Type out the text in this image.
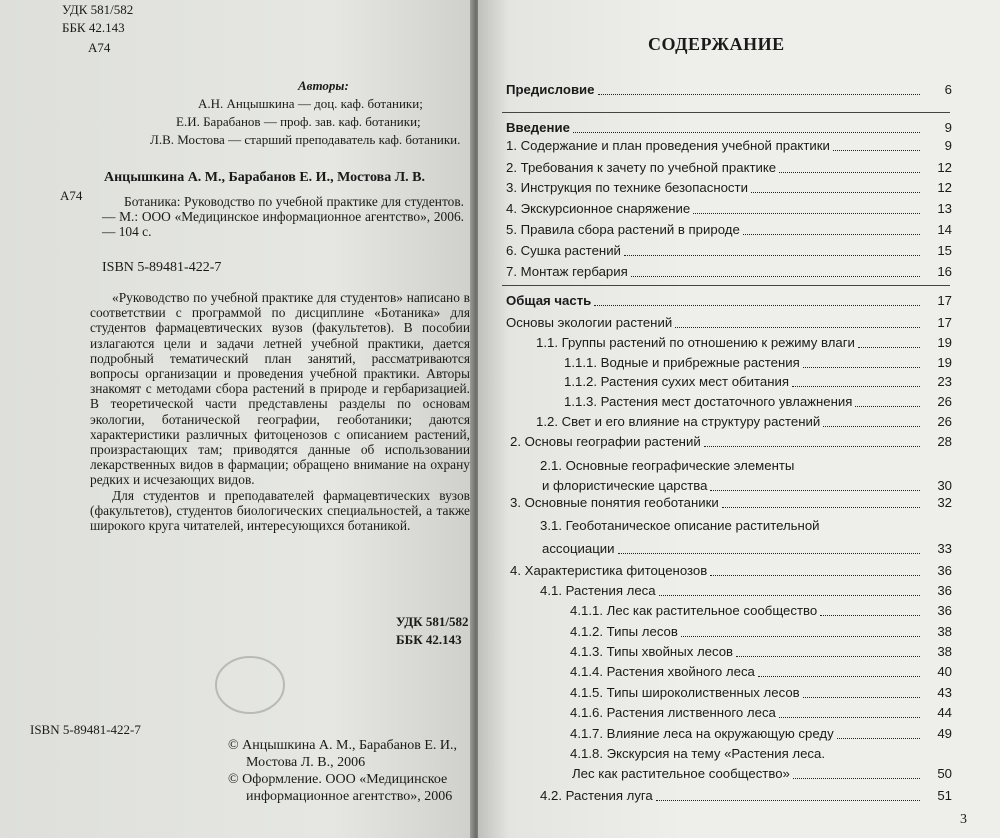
УДК 581/582
ББК 42.143
А74
Авторы:
А.Н. Анцышкина — доц. каф. ботаники;
Е.И. Барабанов — проф. зав. каф. ботаники;
Л.В. Мостова — старший преподаватель каф. ботаники.
А74
Анцышкина А. М., Барабанов Е. И., Мостова Л. В.

Ботаника: Руководство по учебной практике для студентов. — М.: ООО «Медицинское информационное агентство», 2006. — 104 с.

ISBN 5-89481-422-7

«Руководство по учебной практике для студентов» написано в соответствии с программой по дисциплине «Ботаника» для студентов фармацевтических вузов (факультетов). В пособии излагаются цели и задачи летней учебной практики, дается подробный тематический план занятий, рассматриваются вопросы организации и проведения учебной практики. Авторы знакомят с методами сбора растений в природе и гербаризацией. В теоретической части представлены разделы по основам экологии, ботанической географии, геоботаники; даются характеристики различных фитоценозов с описанием растений, произрастающих там; приводятся данные об использовании лекарственных видов в фармации; обращено внимание на охрану редких и исчезающих видов.

Для студентов и преподавателей фармацевтических вузов (факультетов), студентов биологических специальностей, а также широкого круга читателей, интересующихся ботаникой.

УДК 581/582
ББК 42.143
ISBN 5-89481-422-7
© Анцышкина А. М., Барабанов Е. И.,
Мостова Л. В., 2006
© Оформление. ООО «Медицинское
информационное агентство», 2006
СОДЕРЖАНИЕ
Предисловие	6
Введение	9
1. Содержание и план проведения учебной практики	9
2. Требования к зачету по учебной практике	12
3. Инструкция по технике безопасности	12
4. Экскурсионное снаряжение	13
5. Правила сбора растений в природе	14
6. Сушка растений	15
7. Монтаж гербария	16
Общая часть	17
Основы экологии растений	17
1.1. Группы растений по отношению к режиму влаги	19
1.1.1. Водные и прибрежные растения	19
1.1.2. Растения сухих мест обитания	23
1.1.3. Растения мест достаточного увлажнения	26
1.2. Свет и его влияние на структуру растений	26
2. Основы географии растений	28
2.1. Основные географические элементы
и флористические царства	30
3. Основные понятия геоботаники	32
3.1. Геоботаническое описание растительной
ассоциации	33
4. Характеристика фитоценозов	36
4.1. Растения леса	36
4.1.1. Лес как растительное сообщество	36
4.1.2. Типы лесов	38
4.1.3. Типы хвойных лесов	38
4.1.4. Растения хвойного леса	40
4.1.5. Типы широколиственных лесов	43
4.1.6. Растения лиственного леса	44
4.1.7. Влияние леса на окружающую среду	49
4.1.8. Экскурсия на тему «Растения леса.
Лес как растительное сообщество»	50
4.2. Растения луга	51
3
